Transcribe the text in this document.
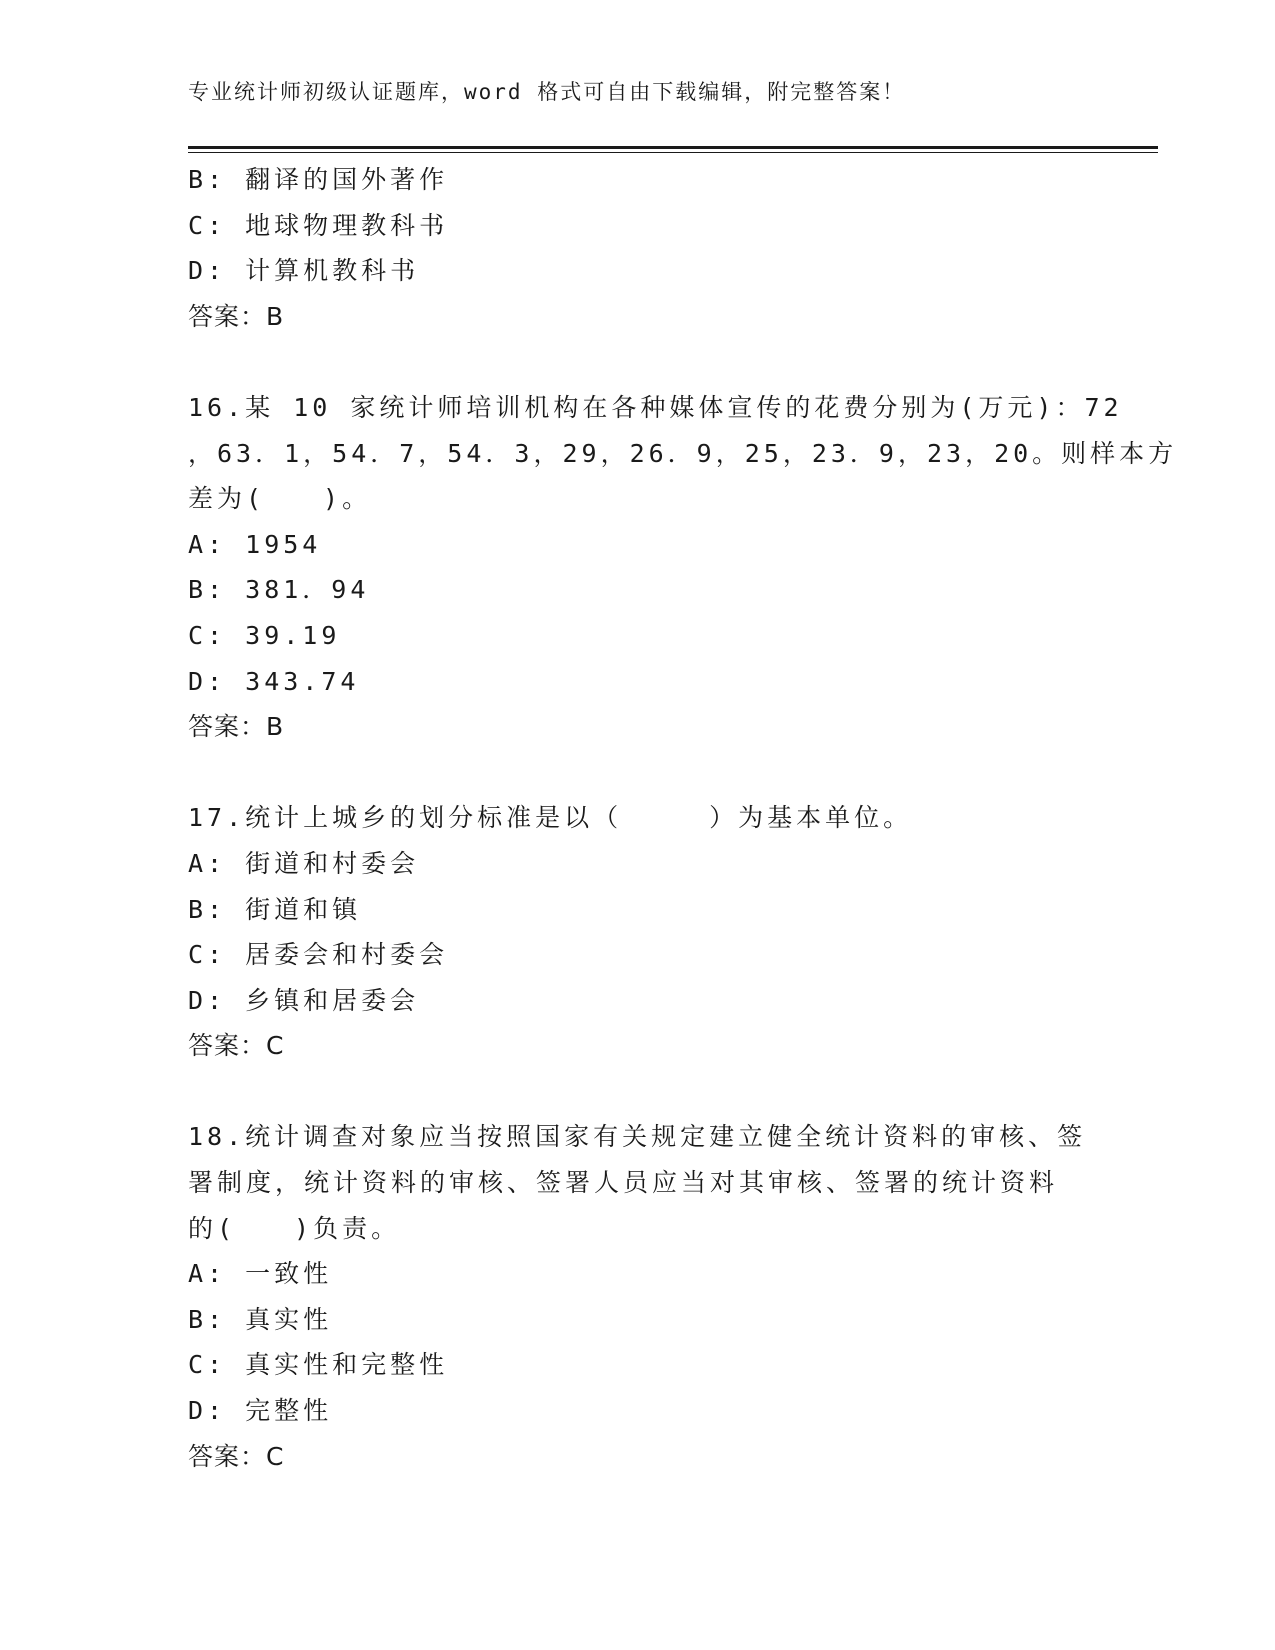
专业统计师初级认证题库，word 格式可自由下载编辑，附完整答案！
B: 翻译的国外著作
C: 地球物理教科书
D: 计算机教科书
答案：B
16.某 10 家统计师培训机构在各种媒体宣传的花费分别为(万元)：72
，63．1，54．7，54．3，29，26．9，25，23．9，23，20。则样本方
差为(　　)。
A: 1954
B: 381．94
C: 39.19
D: 343.74
答案：B
17.统计上城乡的划分标准是以（　　　）为基本单位。
A: 街道和村委会
B: 街道和镇
C: 居委会和村委会
D: 乡镇和居委会
答案：C
18.统计调查对象应当按照国家有关规定建立健全统计资料的审核、签
署制度，统计资料的审核、签署人员应当对其审核、签署的统计资料
的(　　)负责。
A: 一致性
B: 真实性
C: 真实性和完整性
D: 完整性
答案：C
